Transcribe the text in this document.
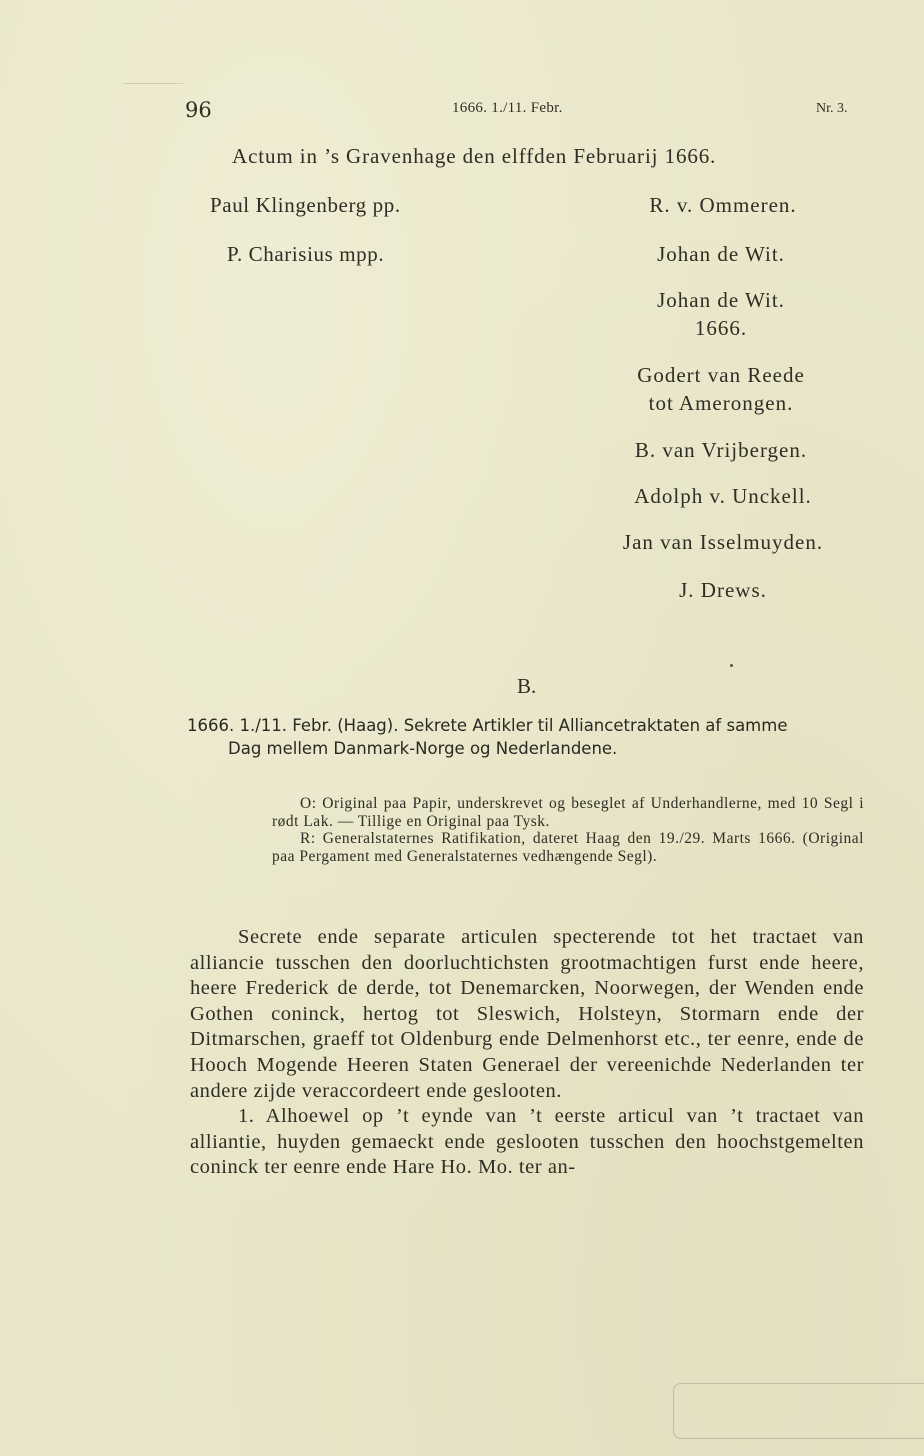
96	1666. 1./11. Febr.	Nr. 3.
Actum in ’s Gravenhage den elffden Februarij 1666.
Paul Klingenberg pp.
P. Charisius mpp.
R. v. Ommeren.
Johan de Wit.
Johan de Wit.
1666.
Godert van Reede
tot Amerongen.
B. van Vrijbergen.
Adolph v. Unckell.
Jan van Isselmuyden.
J. Drews.
B.
1666. 1./11. Febr. (Haag). Sekrete Artikler til Alliancetraktaten af samme
Dag mellem Danmark-Norge og Nederlandene.

O: Original paa Papir, underskrevet og beseglet af Underhandlerne, med 10 Segl i rødt Lak. — Tillige en Original paa Tysk.

R: Generalstaternes Ratifikation, dateret Haag den 19./29. Marts 1666. (Original paa Pergament med Generalstaternes vedhængende Segl).

Secrete ende separate articulen specterende tot het tractaet van alliancie tusschen den doorluchtichsten grootmachtigen furst ende heere, heere Frederick de derde, tot Denemarcken, Noorwegen, der Wenden ende Gothen coninck, hertog tot Sleswich, Holsteyn, Stormarn ende der Ditmarschen, graeff tot Oldenburg ende Delmenhorst etc., ter eenre, ende de Hooch Mogende Heeren Staten Generael der vereenichde Nederlanden ter andere zijde veraccordeert ende geslooten.

1. Alhoewel op ’t eynde van ’t eerste articul van ’t tractaet van alliantie, huyden gemaeckt ende geslooten tusschen den hoochstgemelten coninck ter eenre ende Hare Ho. Mo. ter an-
